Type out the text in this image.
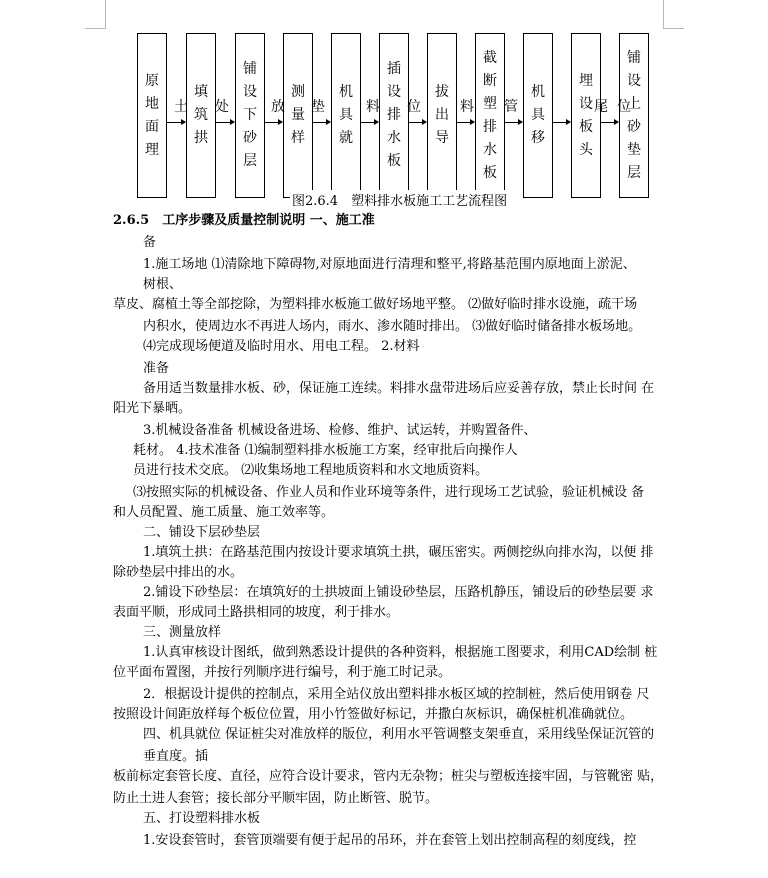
原
地
面
理
填
筑
拱
铺
设
下
砂
层
测
量
样
机
具
就
插
设
排
水
板
拔
出
导
截
断
塑
排
水
板
机
具
移
埋
设
板
头
铺
设
上
砂
垫
层
土 处	放 垫	料 位	料 管	尾 位
图2.6.4　塑料排水板施工工艺流程图
2.6.5　工序步骤及质量控制说明 一、施工准
备
1.施工场地 ⑴清除地下障碍物,对原地面进行清理和整平,将路基范围内原地面上淤泥、
树根、
草皮、腐植土等全部挖除，为塑料排水板施工做好场地平整。 ⑵做好临时排水设施，疏干场
内积水，使周边水不再进人场内，雨水、渗水随时排出。 ⑶做好临时储备排水板场地。
⑷完成现场便道及临时用水、用电工程。 2.材料
准备
备用适当数量排水板、砂，保证施工连续。料排水盘带进场后应妥善存放，禁止长时间 在
阳光下暴晒。
3.机械设备准备 机械设备进场、检修、维护、试运转，并购置备件、
耗材。 4.技术准备 ⑴编制塑料排水板施工方案，经审批后向操作人
员进行技术交底。 ⑵收集场地工程地质资料和水文地质资料。
⑶按照实际的机械设备、作业人员和作业环境等条件，进行现场工艺试验，验证机械设 备
和人员配置、施工质量、施工效率等。
二、铺设下层砂垫层
1.填筑土拱：在路基范围内按设计要求填筑土拱，碾压密实。两侧挖纵向排水沟，以便 排
除砂垫层中排出的水。
2.铺设下砂垫层：在填筑好的土拱坡面上铺设砂垫层，压路机静压，铺设后的砂垫层要 求
表面平顺，形成同土路拱相同的坡度，利于排水。
三、测量放样
1.认真审核设计图纸，做到熟悉设计提供的各种资料，根据施工图要求，利用CAD绘制 桩
位平面布置图，并按行列顺序进行编号，利于施工时记录。
2．根据设计提供的控制点，采用全站仪放出塑料排水板区域的控制桩，然后使用钢卷 尺
按照设计间距放样每个板位位置，用小竹签做好标记，并撒白灰标识，确保桩机准确就位。
四、机具就位 保证桩尖对准放样的版位，利用水平管调整支架垂直，采用线坠保证沉管的
垂直度。插
板前标定套管长度、直径，应符合设计要求，管内无杂物；桩尖与塑板连接牢固，与管靴密 贴，
防止土进人套管；接长部分平顺牢固，防止断管、脱节。
五、打设塑料排水板
1.安设套管时，套管顶端要有便于起吊的吊环，并在套管上划出控制高程的刻度线，控
